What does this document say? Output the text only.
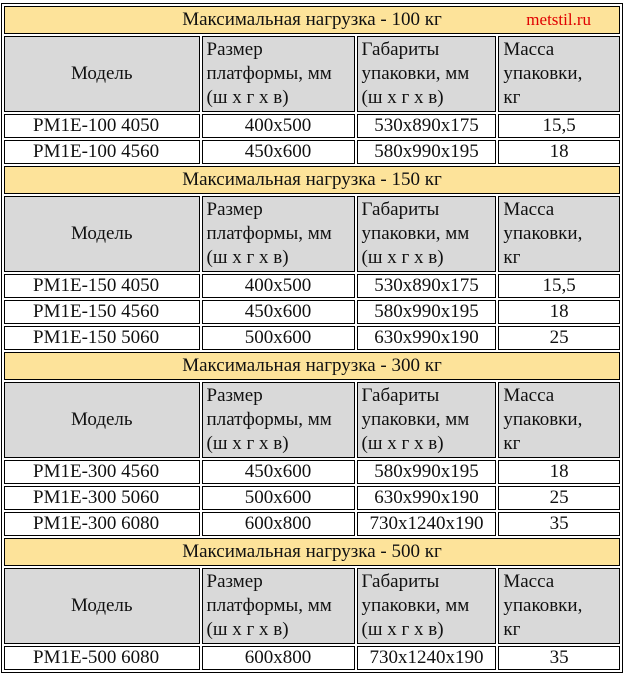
Максимальная нагрузка - 100 кг metstil.ru			

Модель	Размер
платформы, мм
(ш х г х в)	Габариты
упаковки, мм
(ш х г х в)	Масса
упаковки,
кг

PM1E-100 4050	400x500	530x890x175	15,5
PM1E-100 4560	450x600	580x990x195	18
Максимальная нагрузка - 150 кг			
Модель	Размер
платформы, мм
(ш х г х в)	Габариты
упаковки, мм
(ш х г х в)	Масса
упаковки,
кг

PM1E-150 4050	400x500	530x890x175	15,5
PM1E-150 4560	450x600	580x990x195	18
PM1E-150 5060	500x600	630x990x190	25
Максимальная нагрузка - 300 кг			
Модель	Размер
платформы, мм
(ш х г х в)	Габариты
упаковки, мм
(ш х г х в)	Масса
упаковки,
кг

PM1E-300 4560	450x600	580x990x195	18
PM1E-300 5060	500x600	630x990x190	25
PM1E-300 6080	600x800	730x1240x190	35
Максимальная нагрузка - 500 кг			
Модель	Размер
платформы, мм
(ш х г х в)	Габариты
упаковки, мм
(ш х г х в)	Масса
упаковки,
кг

PM1E-500 6080	600x800	730x1240x190	35
